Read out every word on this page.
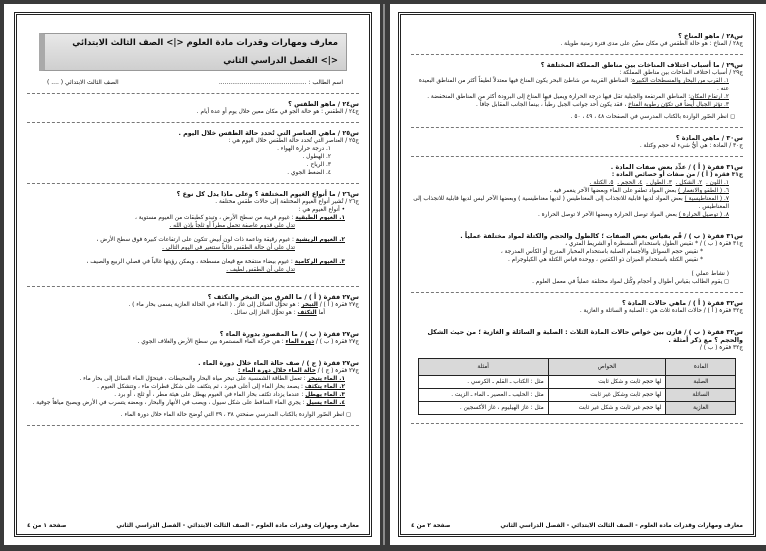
معارف ومهارات وقدرات مادة العلوم <|> الصف الثالث الابتدائي <|> الفصل الدراسي الثاني
اسم الطالب : ..............................................
الصف الثالث الابتدائي ( .... )
س٢٤ / ماهو الطقس ؟
ج٢٤ / الطقس : هو حالة الجو في مكان معين خلال يوم أو عدة أيام .
س٢٥ / ماهي العناصر التي تُحدد حالة الطقس خلال اليوم .
ج٢٥ / العناصر التي تُحدد حالة الطقس خلال اليوم هي :
١. درجة حرارة الهواء .
٢. الهطول .
٣. الرياح .
٤. الضغط الجوي .
س٢٦ / ما أنواع الغيوم المختلفة ؟ وعلى ماذا يدل كل نوع ؟
ج٢٦ / تُشير أنواع الغيوم المختلفة إلى حالات طقس مختلفة .
• أنواع الغيوم هي :
١. الغيوم الطبقية : غيوم قريبة من سطح الأرض ، وتبدو كطبقات من الغيوم مستوية ،
تدل على قدوم عاصفة تحمل مطراً أو ثلجاً بإذن الله .
٢. الغيوم الريشية : غيوم رقيقة وناعمة ذات لون أبيض تتكون على ارتفاعات كبيرة فوق سطح الأرض ،
تدل على أن حالة الطقس غالباً ستتغير في اليوم التالي .
٣. الغيوم الركامية : غيوم بيضاء منتفخة مع قيعان مسطحة ، ويمكن رؤيتها غالباً في فصلي الربيع والصيف ،
تدل على أن الطقس لطيف .
س٢٧ فقرة ( أ ) / ما الفرق بين التبخر والتكثف ؟
ج٢٧ فقرة ( أ ) / التبخر : هو تحوُّل السائل إلى غاز . ( الماء في الحالة الغازية يسمى بخار ماء ) .
أما التكثف : هو تحوُّل الغاز إلى سائل .
س٢٧ فقرة ( ب ) / ما المقصود بدورة الماء ؟
ج٢٧ فقرة ( ب ) / دورة الماء : هي حركة الماء المستمرة بين سطح الأرض والغلاف الجوي .
س٢٧ فقرة ( ج ) / صف حالة الماء خلال دورة الماء .
ج٢٧ فقرة ( ج ) / حالة الماء خلال دورة الماء :
١. الماء يتبخر : تعمل الطاقة الشمسية على تبخر مياه البحار والمحيطات ، فيتحوّل الماء السائل إلى بخار ماء .
٢. الماء يتكثف : يصعد بخار الماء إلى أعلى فيبرد ، ثم يتكثف على شكل قطرات ماء ، وتتشكل الغيوم .
٣. الماء يهطل : عندما يزداد تكثف بخار الماء في الغيوم يهطل على هيئة مطر ، أو ثلج ، أو برد .
٤. الماء يسيل : يجري الماء الساقط على شكل سيول ، ويصب في الأنهار والبحار ، وبعضه يتسرب في الأرض ويصبح مياهاً جوفية .
◻ انظر الصّور الواردة بالكتاب المدرسي صفحتي ٣٨ ، ٣٩ التي تُوضح حالة الماء خلال دورة الماء .
معارف ومهارات وقدرات مادة العلوم - الصف الثالث الابتدائي - الفصل الدراسي الثاني
صفحة ١ من ٤
س٢٨ / ماهو المناخ ؟
ج٢٨ / المناخ : هو حالة الطقس في مكان معيّن على مدى فترة زمنية طويلة .
س٢٩ / ما أسباب اختلاف المناخات بين مناطق المملكة المختلفة ؟
ج٢٩ / أسباب اختلاف المناخات بين مناطق المملكة :
١. القرب من البحار والمسطحات الكبيرة: المناطق القريبة من شاطئ البحر يكون المناخ فيها معتدلاً لطيفاً أكثر من المناطق البعيدة عنه .
٢. ارتفاع المكان: المناطق المرتفعة والجبلية تقل فيها درجة الحرارة ويميل فيها المناخ إلى البرودة أكثر من المناطق المنخفضة .
٣. تؤثر الجبال أيضاً في تكوّن رطوبة المناخ ، فقد يكون أحد جوانب الجبل رطباً ، بينما الجانب المقابل جافاً .
◻ انظر الصّور الواردة بالكتاب المدرسي في الصفحات ٤٨ ، ٤٩ ، ٥٠ .
س٣٠ / ماهي المادة ؟
ج٣٠ / المادة : هي أيُّ شيء له حجم وكتلة .
س٣١ فقرة ( أ ) / عدِّد بعض صفات المادة .
ج٣١ فقرة ( أ ) / من صفات أو خصائص المادة :
١. اللون .  ٢. الشكل .  ٣. الطول .  ٤. الحجم .  ٥. الكتلة .
٦. ( الطفو والانغمار ) بعض المواد تطفو على الماء وبعضها الآخر ينغمر فيه .
٧. ( المغناطيسية ) بعض المواد لديها قابلية للانجذاب إلى المغناطيس ( لديها مغناطيسية ) وبعضها الآخر ليس لديها قابلية للانجذاب إلى المغناطيس .
٨. ( توصيل الحرارة ) بعض المواد توصل الحرارة وبعضها الآخر لا توصل الحرارة .
س٣١ فقرة ( ب ) / قُم بقياس بعض الصفات ؛ كالطول والحجم والكتلة لمواد مختلفة عملياً .
ج٣١ فقرة ( ب ) / * نقيس الطول باستخدام المسطرة أو الشريط المتري ،
* نقيس حجم السوائل والأجسام الصلبة باستخدام المخبار المدرج أو الكأس المدرجة ،
* نقيس الكتلة باستخدام الميزان ذو الكفتين ، ووحدة قياس الكتلة هي الكيلوجرام .
( نشاط عملي )
◻ يقوم الطالب بقياس أطوال و أحجام وكُتل لمواد مختلفة عملياً في معمل العلوم .
س٣٢ فقرة ( أ ) / ماهي حالات المادة ؟
ج٣٢ فقرة ( أ ) / حالات المادة ثلاث هي : الصلبة و السائلة و الغازية .
س٣٢ فقرة ( ب ) / قارن بين خواص حالات المادة الثلاث : الصلبة و السائلة و الغازية ؛ من حيث الشكل والحجم ؟ مع ذكر أمثلة .
ج٣٢ فقرة ( ب ) /
المادة	الخواص	أمثلة
الصلبة	لها حجم ثابت و شكل ثابت	مثل : الكتاب ـ القلم ـ الكرسي .
السائلة	لها حجم ثابت وشكل غير ثابت	مثل : الحليب ـ العصير ـ الماء ـ الزيت .
الغازية	لها حجم غير ثابت و شكل غير ثابت	مثل : غاز الهيليوم ، غاز الأكسجين .
معارف ومهارات وقدرات مادة العلوم - الصف الثالث الابتدائي - الفصل الدراسي الثاني
صفحة ٢ من ٤
